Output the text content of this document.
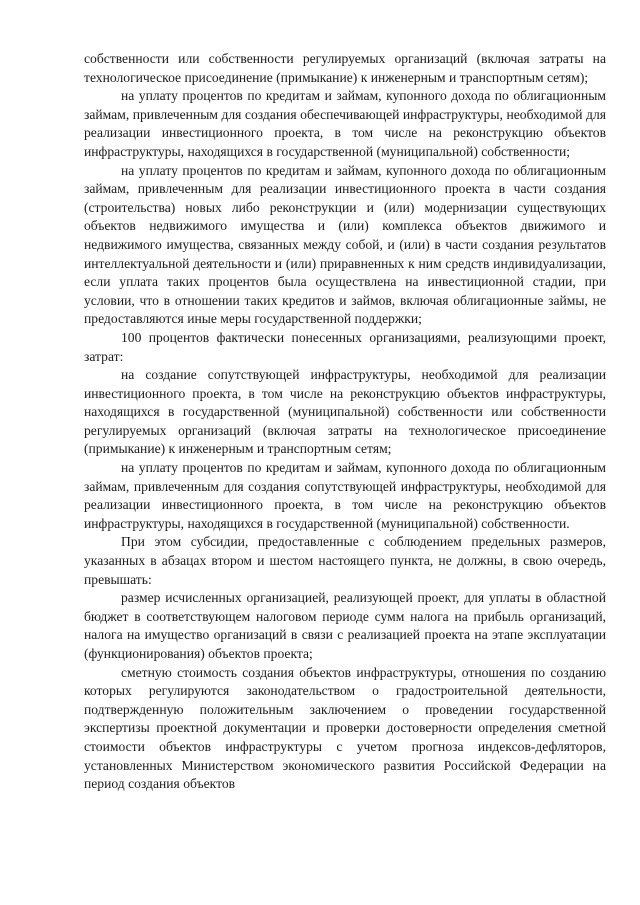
собственности или собственности регулируемых организаций (включая затраты на технологическое присоединение (примыкание) к инженерным и транспортным сетям);

на уплату процентов по кредитам и займам, купонного дохода по облигационным займам, привлеченным для создания обеспечивающей инфраструктуры, необходимой для реализации инвестиционного проекта, в том числе на реконструкцию объектов инфраструктуры, находящихся в государственной (муниципальной) собственности;

на уплату процентов по кредитам и займам, купонного дохода по облигационным займам, привлеченным для реализации инвестиционного проекта в части создания (строительства) новых либо реконструкции и (или) модернизации существующих объектов недвижимого имущества и (или) комплекса объектов движимого и недвижимого имущества, связанных между собой, и (или) в части создания результатов интеллектуальной деятельности и (или) приравненных к ним средств индивидуализации, если уплата таких процентов была осуществлена на инвестиционной стадии, при условии, что в отношении таких кредитов и займов, включая облигационные займы, не предоставляются иные меры государственной поддержки;

100 процентов фактически понесенных организациями, реализующими проект, затрат:

на создание сопутствующей инфраструктуры, необходимой для реализации инвестиционного проекта, в том числе на реконструкцию объектов инфраструктуры, находящихся в государственной (муниципальной) собственности или собственности регулируемых организаций (включая затраты на технологическое присоединение (примыкание) к инженерным и транспортным сетям;

на уплату процентов по кредитам и займам, купонного дохода по облигационным займам, привлеченным для создания сопутствующей инфраструктуры, необходимой для реализации инвестиционного проекта, в том числе на реконструкцию объектов инфраструктуры, находящихся в государственной (муниципальной) собственности.

При этом субсидии, предоставленные с соблюдением предельных размеров, указанных в абзацах втором и шестом настоящего пункта, не должны, в свою очередь, превышать:

размер исчисленных организацией, реализующей проект, для уплаты в областной бюджет в соответствующем налоговом периоде сумм налога на прибыль организаций, налога на имущество организаций в связи с реализацией проекта на этапе эксплуатации (функционирования) объектов проекта;

сметную стоимость создания объектов инфраструктуры, отношения по созданию которых регулируются законодательством о градостроительной деятельности, подтвержденную положительным заключением о проведении государственной экспертизы проектной документации и проверки достоверности определения сметной стоимости объектов инфраструктуры с учетом прогноза индексов-дефляторов, установленных Министерством экономического развития Российской Федерации на период создания объектов
